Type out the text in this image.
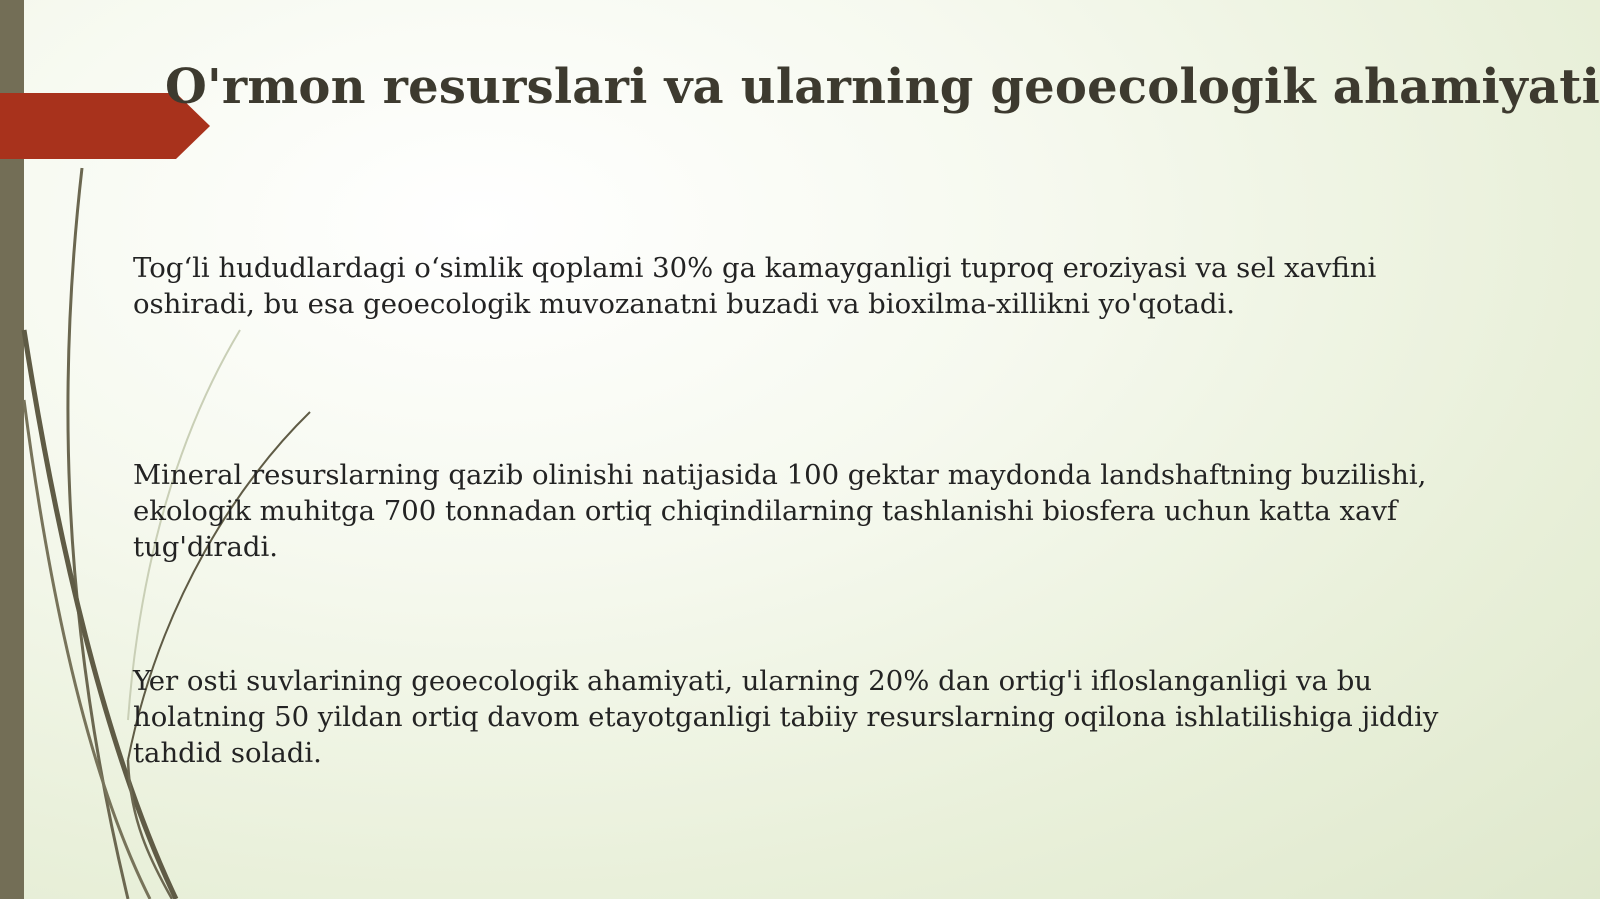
O'rmon resurslari va ularning geoecologik ahamiyati

Tog‘li hududlardagi o‘simlik qoplami 30% ga kamayganligi tuproq eroziyasi va sel xavfini oshiradi, bu esa geoecologik muvozanatni buzadi va bioxilma-xillikni yo'qotadi.

Mineral resurslarning qazib olinishi natijasida 100 gektar maydonda landshaftning buzilishi, ekologik muhitga 700 tonnadan ortiq chiqindilarning tashlanishi biosfera uchun katta xavf tug'diradi.

Yer osti suvlarining geoecologik ahamiyati, ularning 20% dan ortig'i ifloslanganligi va bu holatning 50 yildan ortiq davom etayotganligi tabiiy resurslarning oqilona ishlatilishiga jiddiy tahdid soladi.
